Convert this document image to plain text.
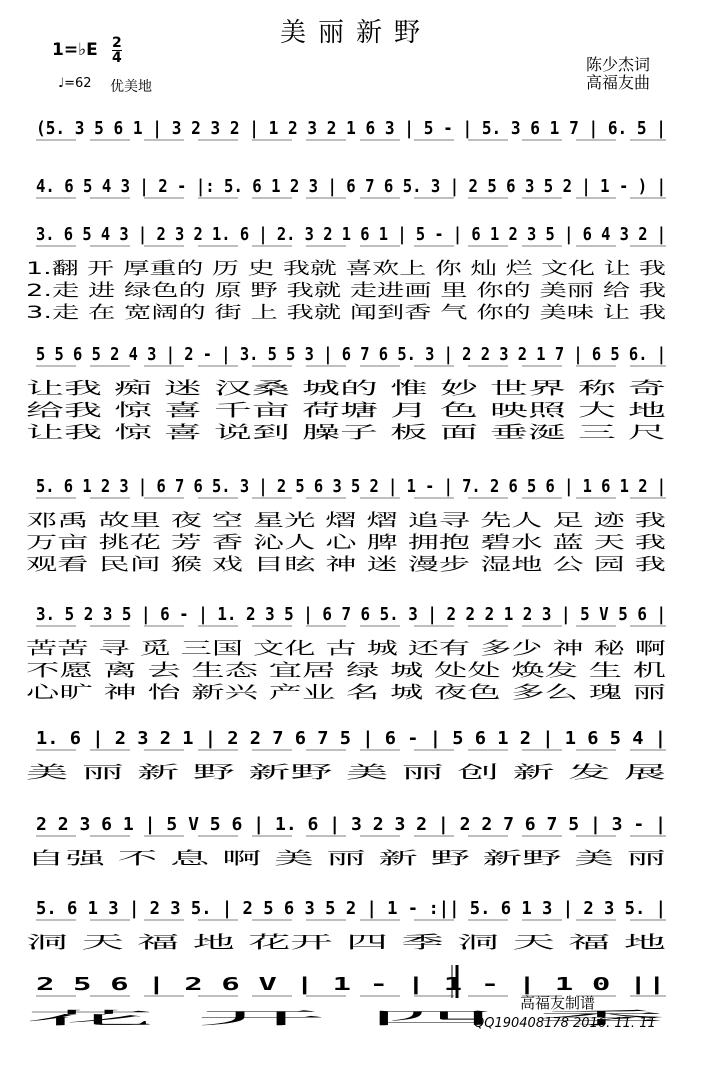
美丽新野
1=♭E 2
4
♩=62 优美地
陈少杰词
高福友曲
(5. 3 5 6 1 | 3 2 3 2 | 1 2 3 2 1 6 3 | 5 - | 5. 3 6 1 7 | 6. 5 |
4. 6 5 4 3 | 2 - |: 5. 6 1 2 3 | 6 7 6 5. 3 | 2 5 6 3 5 2 | 1 - ) |
3. 6 5 4 3 | 2 3 2 1. 6 | 2. 3 2 1 6 1 | 5 - | 6 1 2 3 5 | 6 4 3 2 |
1.翻 开 厚重的 历 史 我就 喜欢上 你 灿 烂 文化 让 我
2.走 进 绿色的 原 野 我就 走进画 里 你的 美丽 给 我
3.走 在 宽阔的 街 上 我就 闻到香 气 你的 美味 让 我
5 5 6 5 2 4 3 | 2 - | 3. 5 5 3 | 6 7 6 5. 3 | 2 2 3 2 1 7 | 6 5 6. |
让我 痴 迷 汉桑 城的 惟 妙 世界 称 奇
给我 惊 喜 千亩 荷塘 月 色 映照 大 地
让我 惊 喜 说到 臊子 板 面 垂涎 三 尺
5. 6 1 2 3 | 6 7 6 5. 3 | 2 5 6 3 5 2 | 1 - | 7. 2 6 5 6 | 1 6 1 2 |
邓禹 故里 夜 空 星光 熠 熠 追寻 先人 足 迹 我
万亩 挑花 芳 香 沁人 心 脾 拥抱 碧水 蓝 天 我
观看 民间 猴 戏 目眩 神 迷 漫步 湿地 公 园 我
3. 5 2 3 5 | 6 - | 1. 2 3 5 | 6 7 6 5. 3 | 2 2 2 1 2 3 | 5 V 5 6 |
苦苦 寻 觅 三国 文化 古 城 还有 多少 神 秘 啊
不愿 离 去 生态 宜居 绿 城 处处 焕发 生 机
心旷 神 怡 新兴 产业 名 城 夜色 多么 瑰 丽
1. 6 | 2 3 2 1 | 2 2 7 6 7 5 | 6 - | 5 6 1 2 | 1 6 5 4 |
美 丽 新 野 新野 美 丽 创 新 发 展
2 2 3 6 1 | 5 V 5 6 | 1. 6 | 3 2 3 2 | 2 2 7 6 7 5 | 3 - |
自强 不 息 啊 美 丽 新 野 新野 美 丽
5. 6 1 3 | 2 3 5. | 2 5 6 3 5 2 | 1 - :|| 5. 6 1 3 | 2 3 5. |
洞 天 福 地 花开 四 季 洞 天 福 地
2 5 6 | 2 6 V | 1 - | 1 - | 1 0 ||
花 开 四 季
高福友制谱
QQ190408178 2016. 11. 11
